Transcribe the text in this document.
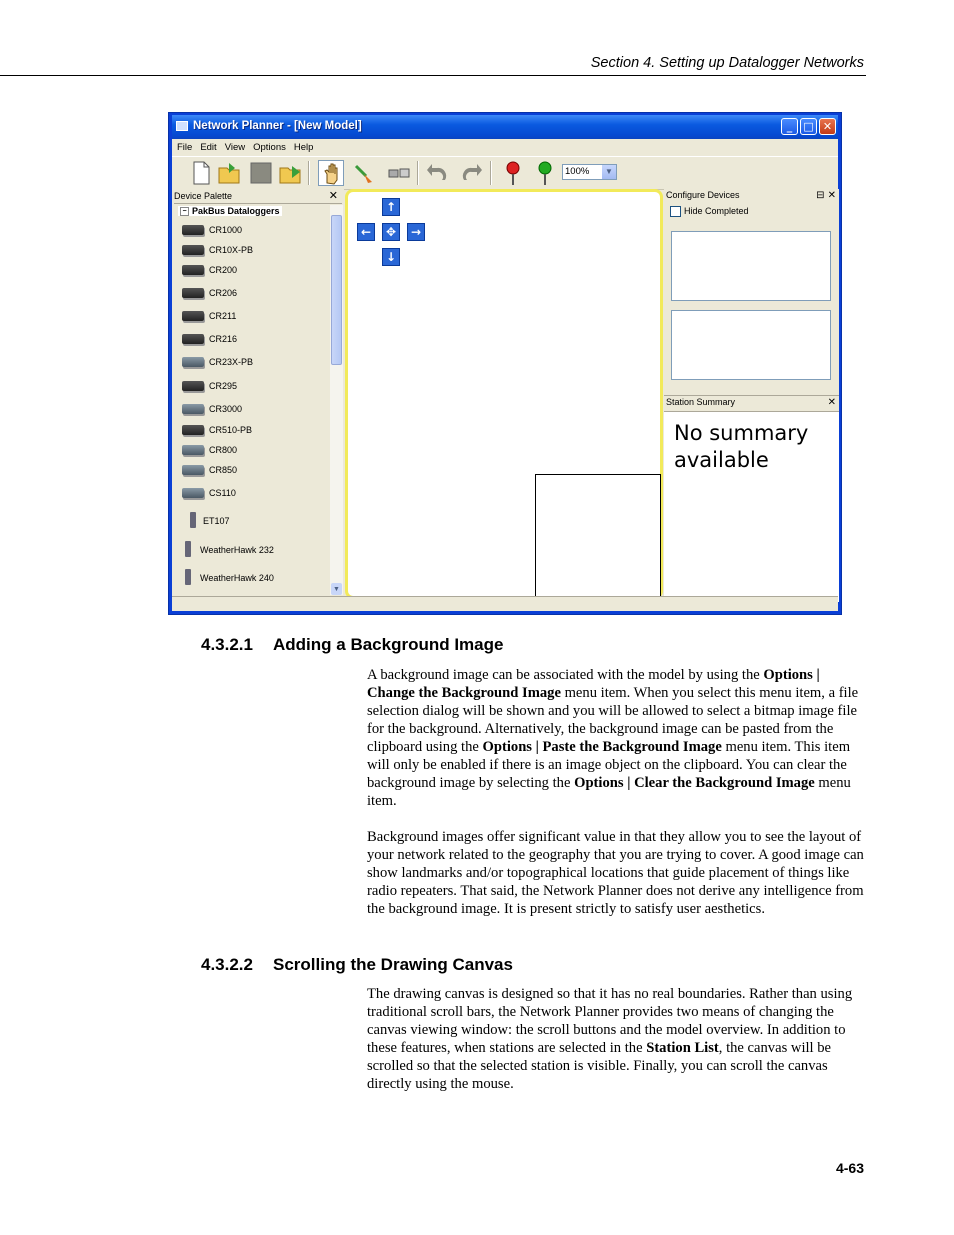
Section 4. Setting up Datalogger Networks
Network Planner - [New Model]	_	□ ✕
File Edit View Options Help
100%	▼
Device Palette	✕
− PakBus Dataloggers
CR1000
CR10X-PB
CR200
CR206
CR211
CR216
CR23X-PB
CR295
CR3000
CR510-PB
CR800
CR850
CS110
ET107
WeatherHawk 232
WeatherHawk 240
▼
↑
←	✥	→
↓
Configure Devices	⊟ ✕
Hide Completed
Station Summary	✕
No summary
available
4.3.2.1 Adding a Background Image

A background image can be associated with the model by using the Options | Change the Background Image menu item. When you select this menu item, a file selection dialog will be shown and you will be allowed to select a bitmap image file for the background. Alternatively, the background image can be pasted from the clipboard using the Options | Paste the Background Image menu item. This item will only be enabled if there is an image object on the clipboard. You can clear the background image by selecting the Options | Clear the Background Image menu item.

Background images offer significant value in that they allow you to see the layout of your network related to the geography that you are trying to cover. A good image can show landmarks and/or topographical locations that guide placement of things like radio repeaters. That said, the Network Planner does not derive any intelligence from the background image. It is present strictly to satisfy user aesthetics.

4.3.2.2 Scrolling the Drawing Canvas

The drawing canvas is designed so that it has no real boundaries. Rather than using traditional scroll bars, the Network Planner provides two means of changing the canvas viewing window: the scroll buttons and the model overview. In addition to these features, when stations are selected in the Station List, the canvas will be scrolled so that the selected station is visible. Finally, you can scroll the canvas directly using the mouse.

4-63
